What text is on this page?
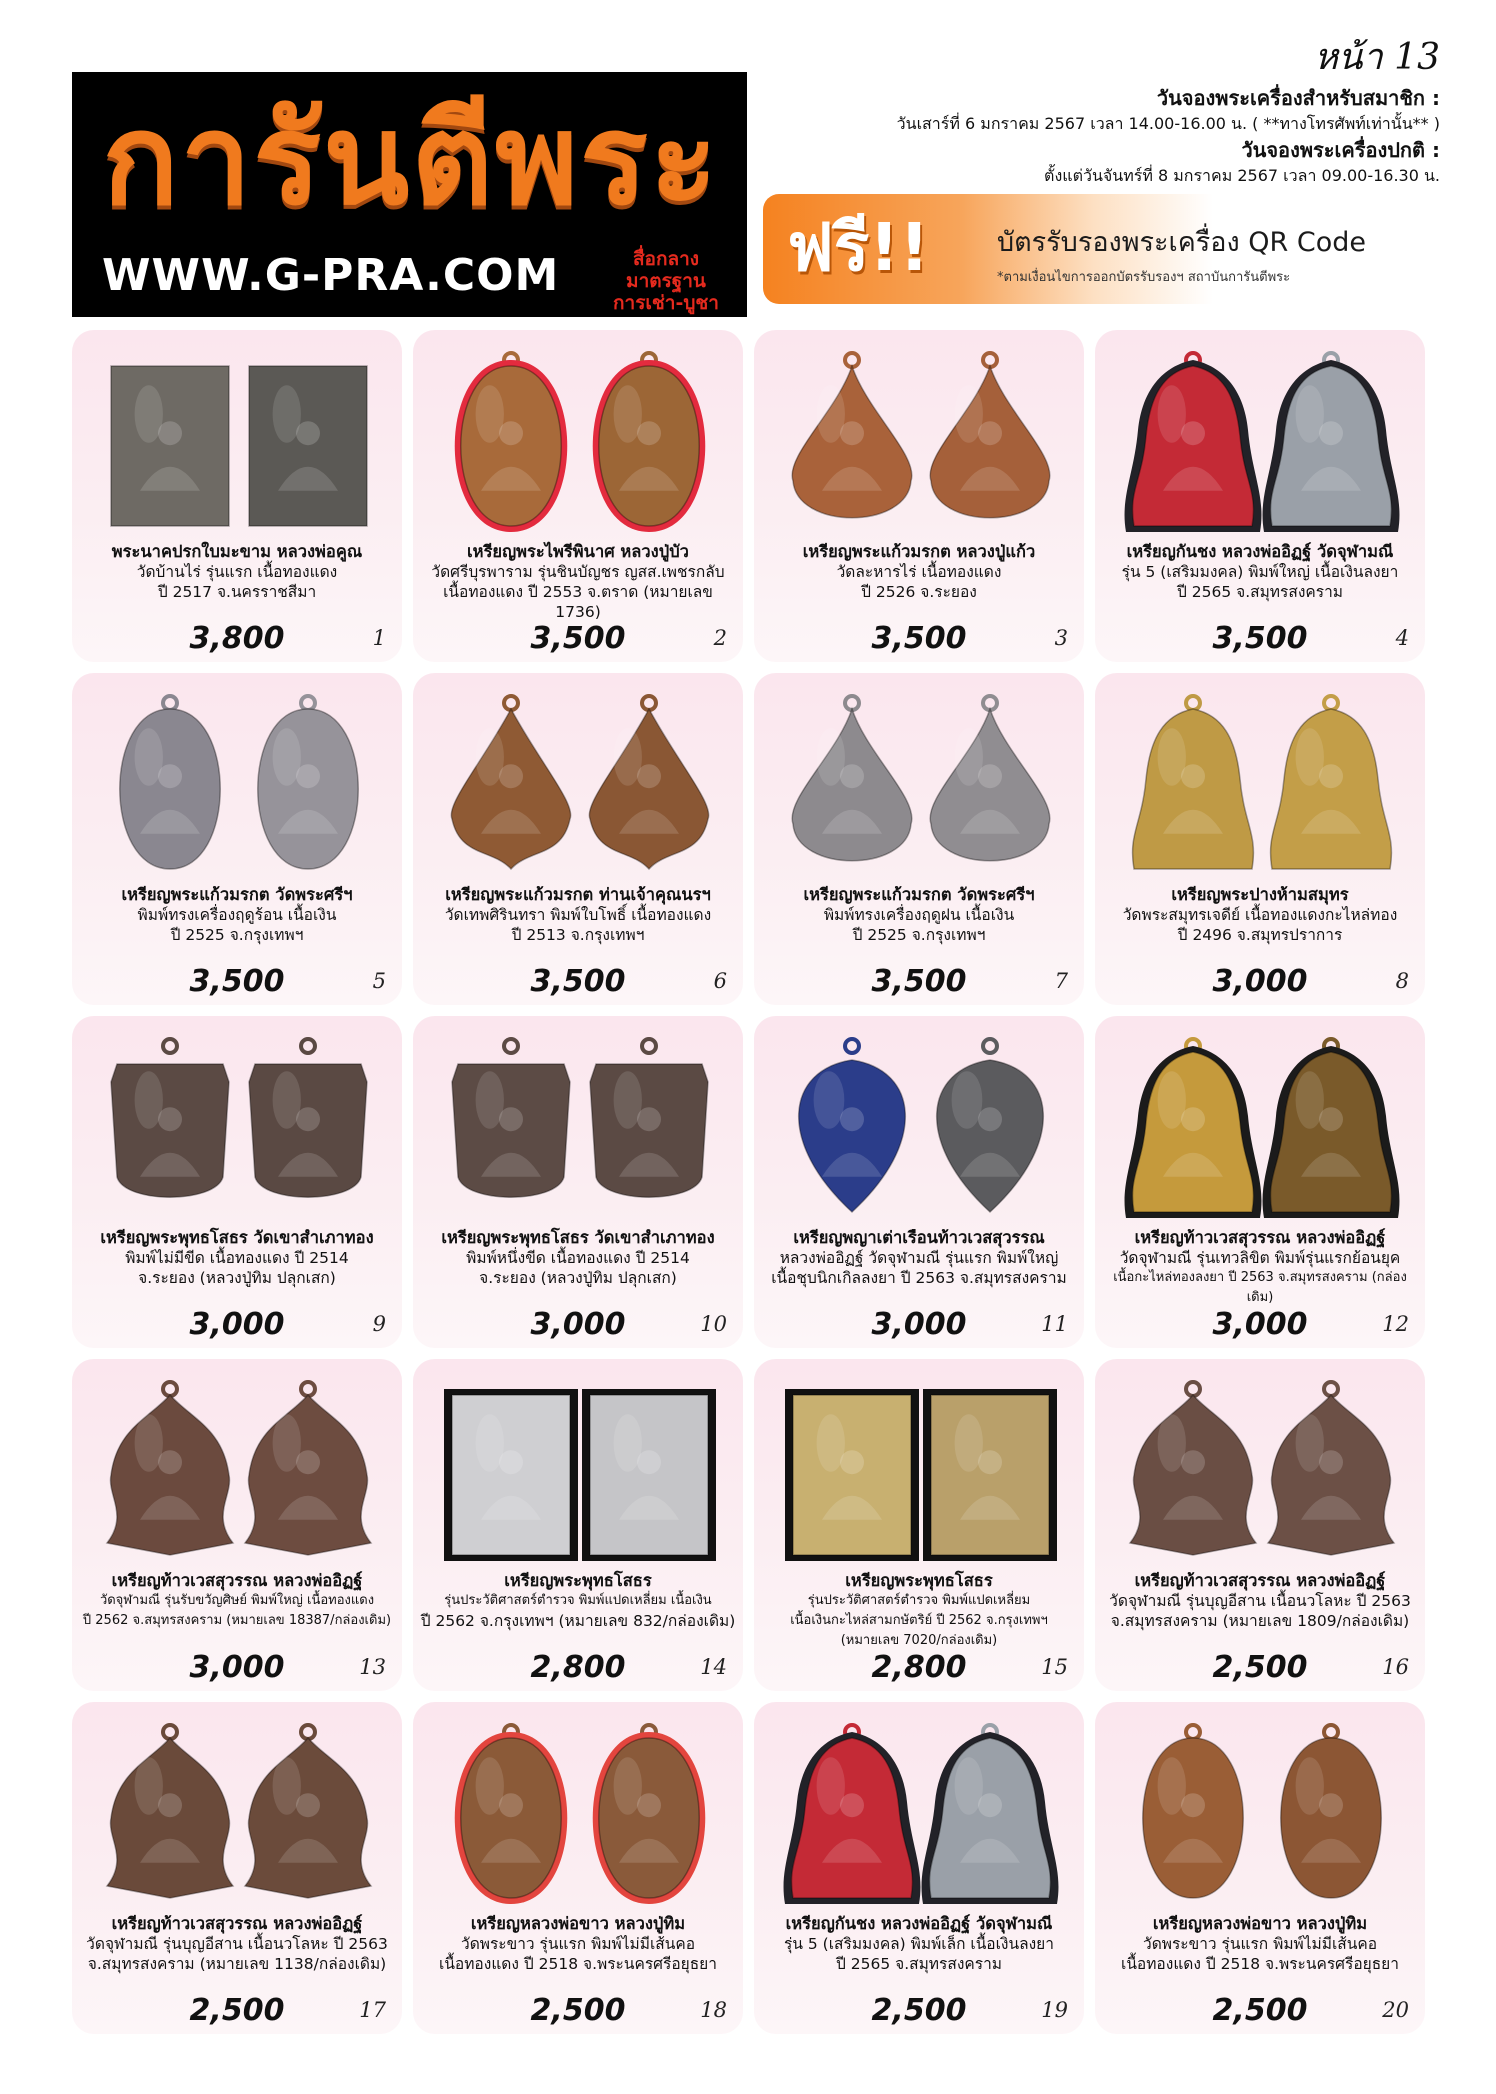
หน้า 13
การันตีพระ
WWW.G-PRA.COM	สื่อกลาง มาตรฐาน
การเช่า-บูชา
วันจองพระเครื่องสำหรับสมาชิก :
วันเสาร์ที่ 6 มกราคม 2567 เวลา 14.00-16.00 น. ( **ทางโทรศัพท์เท่านั้น** )
วันจองพระเครื่องปกติ :
ตั้งแต่วันจันทร์ที่ 8 มกราคม 2567 เวลา 09.00-16.30 น.
ฟรี!!	บัตรรับรองพระเครื่อง QR Code
*ตามเงื่อนไขการออกบัตรรับรองฯ สถาบันการันตีพระ
พระนาคปรกใบมะขาม หลวงพ่อคูณ
วัดบ้านไร่ รุ่นแรก เนื้อทองแดง
ปี 2517 จ.นครราชสีมา
3,800	1
เหรียญพระไพรีพินาศ หลวงปู่บัว
วัดศรีบุรพาราม รุ่นชินบัญชร ญสส.เพชรกลับ
เนื้อทองแดง ปี 2553 จ.ตราด (หมายเลข 1736)
3,500	2
เหรียญพระแก้วมรกต หลวงปู่แก้ว
วัดละหารไร่ เนื้อทองแดง
ปี 2526 จ.ระยอง
3,500	3
เหรียญกันชง หลวงพ่ออิฏฐ์ วัดจุฬามณี
รุ่น 5 (เสริมมงคล) พิมพ์ใหญ่ เนื้อเงินลงยา
ปี 2565 จ.สมุทรสงคราม
3,500	4
เหรียญพระแก้วมรกต วัดพระศรีฯ
พิมพ์ทรงเครื่องฤดูร้อน เนื้อเงิน
ปี 2525 จ.กรุงเทพฯ
3,500	5
เหรียญพระแก้วมรกต ท่านเจ้าคุณนรฯ
วัดเทพศิรินทรา พิมพ์ใบโพธิ์ เนื้อทองแดง
ปี 2513 จ.กรุงเทพฯ
3,500	6
เหรียญพระแก้วมรกต วัดพระศรีฯ
พิมพ์ทรงเครื่องฤดูฝน เนื้อเงิน
ปี 2525 จ.กรุงเทพฯ
3,500	7
เหรียญพระปางห้ามสมุทร
วัดพระสมุทรเจดีย์ เนื้อทองแดงกะไหล่ทอง
ปี 2496 จ.สมุทรปราการ
3,000	8
เหรียญพระพุทธโสธร วัดเขาสำเภาทอง
พิมพ์ไม่มีขีด เนื้อทองแดง ปี 2514
จ.ระยอง (หลวงปู่ทิม ปลุกเสก)
3,000	9
เหรียญพระพุทธโสธร วัดเขาสำเภาทอง
พิมพ์หนึ่งขีด เนื้อทองแดง ปี 2514
จ.ระยอง (หลวงปู่ทิม ปลุกเสก)
3,000	10
เหรียญพญาเต่าเรือนท้าวเวสสุวรรณ
หลวงพ่ออิฏฐ์ วัดจุฬามณี รุ่นแรก พิมพ์ใหญ่
เนื้อชุบนิกเกิลลงยา ปี 2563 จ.สมุทรสงคราม
3,000	11
เหรียญท้าวเวสสุวรรณ หลวงพ่ออิฏฐ์
วัดจุฬามณี รุ่นเทวลิขิต พิมพ์รุ่นแรกย้อนยุค
เนื้อกะไหล่ทองลงยา ปี 2563 จ.สมุทรสงคราม (กล่องเดิม)
3,000	12
เหรียญท้าวเวสสุวรรณ หลวงพ่ออิฏฐ์
วัดจุฬามณี รุ่นรับขวัญศิษย์ พิมพ์ใหญ่ เนื้อทองแดง
ปี 2562 จ.สมุทรสงคราม (หมายเลข 18387/กล่องเดิม)
3,000	13
เหรียญพระพุทธโสธร
รุ่นประวัติศาสตร์ตำรวจ พิมพ์แปดเหลี่ยม เนื้อเงิน
ปี 2562 จ.กรุงเทพฯ (หมายเลข 832/กล่องเดิม)
2,800	14
เหรียญพระพุทธโสธร
รุ่นประวัติศาสตร์ตำรวจ พิมพ์แปดเหลี่ยม
เนื้อเงินกะไหล่สามกษัตริย์ ปี 2562 จ.กรุงเทพฯ
(หมายเลข 7020/กล่องเดิม)
2,800	15
เหรียญท้าวเวสสุวรรณ หลวงพ่ออิฏฐ์
วัดจุฬามณี รุ่นบุญอีสาน เนื้อนวโลหะ ปี 2563
จ.สมุทรสงคราม (หมายเลข 1809/กล่องเดิม)
2,500	16
เหรียญท้าวเวสสุวรรณ หลวงพ่ออิฏฐ์
วัดจุฬามณี รุ่นบุญอีสาน เนื้อนวโลหะ ปี 2563
จ.สมุทรสงคราม (หมายเลข 1138/กล่องเดิม)
2,500	17
เหรียญหลวงพ่อขาว หลวงปู่ทิม
วัดพระขาว รุ่นแรก พิมพ์ไม่มีเส้นคอ
เนื้อทองแดง ปี 2518 จ.พระนครศรีอยุธยา
2,500	18
เหรียญกันชง หลวงพ่ออิฏฐ์ วัดจุฬามณี
รุ่น 5 (เสริมมงคล) พิมพ์เล็ก เนื้อเงินลงยา
ปี 2565 จ.สมุทรสงคราม
2,500	19
เหรียญหลวงพ่อขาว หลวงปู่ทิม
วัดพระขาว รุ่นแรก พิมพ์ไม่มีเส้นคอ
เนื้อทองแดง ปี 2518 จ.พระนครศรีอยุธยา
2,500	20
